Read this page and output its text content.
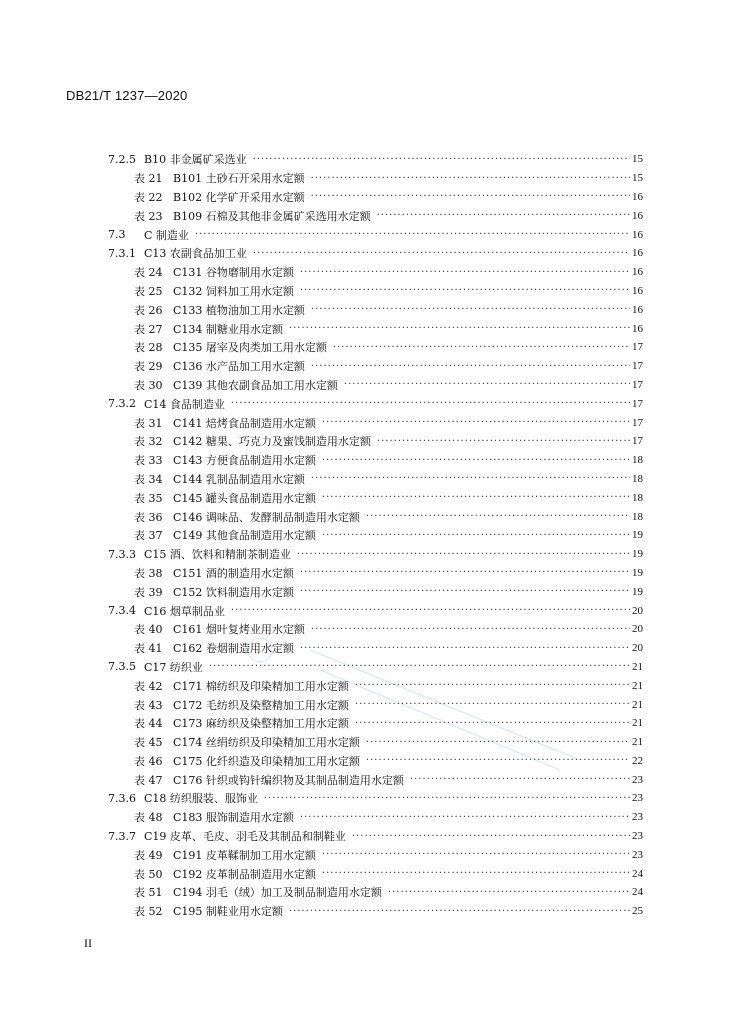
DB21/T 1237—2020
7.2.5 B10 非金属矿采选业 ·····	15
表 21 B101 土砂石开采用水定额 ·····	15
表 22 B102 化学矿开采用水定额 ·····	16
表 23 B109 石棉及其他非金属矿采选用水定额 ·····	16
7.3	C 制造业 ·····	16
7.3.1 C13 农副食品加工业 ·····	16
表 24 C131 谷物磨制用水定额 ·····	16
表 25 C132 饲料加工用水定额 ·····	16
表 26 C133 植物油加工用水定额 ·····	16
表 27 C134 制糖业用水定额 ·····	16
表 28 C135 屠宰及肉类加工用水定额 ·····	17
表 29 C136 水产品加工用水定额 ·····	17
表 30 C139 其他农副食品加工用水定额 ·····	17
7.3.2 C14 食品制造业 ·····	17
表 31 C141 焙烤食品制造用水定额 ·····	17
表 32 C142 糖果、巧克力及蜜饯制造用水定额 ·····	17
表 33 C143 方便食品制造用水定额 ·····	18
表 34 C144 乳制品制造用水定额 ·····	18
表 35 C145 罐头食品制造用水定额 ·····	18
表 36 C146 调味品、发酵制品制造用水定额 ·····	18
表 37 C149 其他食品制造用水定额 ·····	19
7.3.3 C15 酒、饮料和精制茶制造业 ·····	19
表 38 C151 酒的制造用水定额 ·····	19
表 39 C152 饮料制造用水定额 ·····	19
7.3.4 C16 烟草制品业 ·····	20
表 40 C161 烟叶复烤业用水定额 ·····	20
表 41 C162 卷烟制造用水定额 ·····	20
7.3.5 C17 纺织业 ·····	21
表 42 C171 棉纺织及印染精加工用水定额 ·····	21
表 43 C172 毛纺织及染整精加工用水定额 ·····	21
表 44 C173 麻纺织及染整精加工用水定额 ·····	21
表 45 C174 丝绢纺织及印染精加工用水定额 ·····	21
表 46 C175 化纤织造及印染精加工用水定额 ·····	22
表 47 C176 针织或钩针编织物及其制品制造用水定额 ·····	23
7.3.6 C18 纺织服装、服饰业 ·····	23
表 48 C183 服饰制造用水定额 ·····	23
7.3.7 C19 皮革、毛皮、羽毛及其制品和制鞋业 ·····	23
表 49 C191 皮革鞣制加工用水定额 ·····	23
表 50 C192 皮革制品制造用水定额 ·····	24
表 51 C194 羽毛（绒）加工及制品制造用水定额 ·····	24
表 52 C195 制鞋业用水定额 ·····	25
II
